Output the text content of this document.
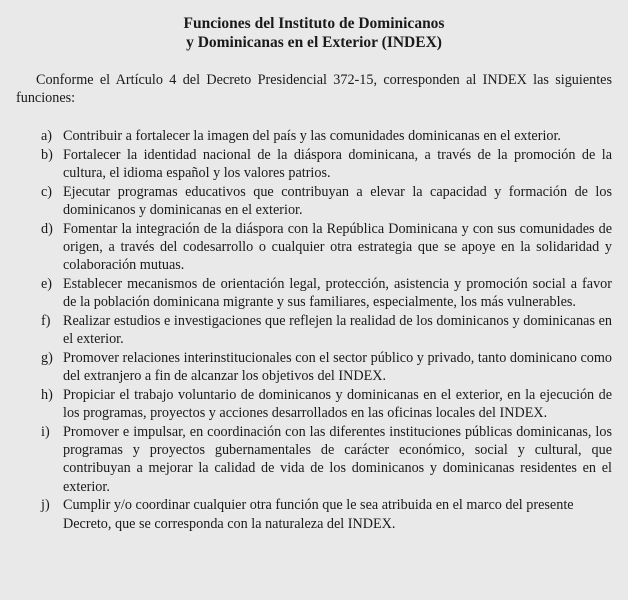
Funciones del Instituto de Dominicanos
y Dominicanas en el Exterior (INDEX)

Conforme el Artículo 4 del Decreto Presidencial 372-15, corresponden al INDEX las siguientes funciones:

a) Contribuir a fortalecer la imagen del país y las comunidades dominicanas en el exterior.
b) Fortalecer la identidad nacional de la diáspora dominicana, a través de la promoción de la cultura, el idioma español y los valores patrios.
c) Ejecutar programas educativos que contribuyan a elevar la capacidad y formación de los dominicanos y dominicanas en el exterior.
d) Fomentar la integración de la diáspora con la República Dominicana y con sus comunidades de origen, a través del codesarrollo o cualquier otra estrategia que se apoye en la solidaridad y colaboración mutuas.
e) Establecer mecanismos de orientación legal, protección, asistencia y promoción social a favor de la población dominicana migrante y sus familiares, especialmente, los más vulnerables.
f) Realizar estudios e investigaciones que reflejen la realidad de los dominicanos y dominicanas en el exterior.
g) Promover relaciones interinstitucionales con el sector público y privado, tanto dominicano como del extranjero a fin de alcanzar los objetivos del INDEX.
h) Propiciar el trabajo voluntario de dominicanos y dominicanas en el exterior, en la ejecución de los programas, proyectos y acciones desarrollados en las oficinas locales del INDEX.
i) Promover e impulsar, en coordinación con las diferentes instituciones públicas dominicanas, los programas y proyectos gubernamentales de carácter económico, social y cultural, que contribuyan a mejorar la calidad de vida de los dominicanos y dominicanas residentes en el exterior.
j) Cumplir y/o coordinar cualquier otra función que le sea atribuida en el marco del presente
Decreto, que se corresponda con la naturaleza del INDEX.
